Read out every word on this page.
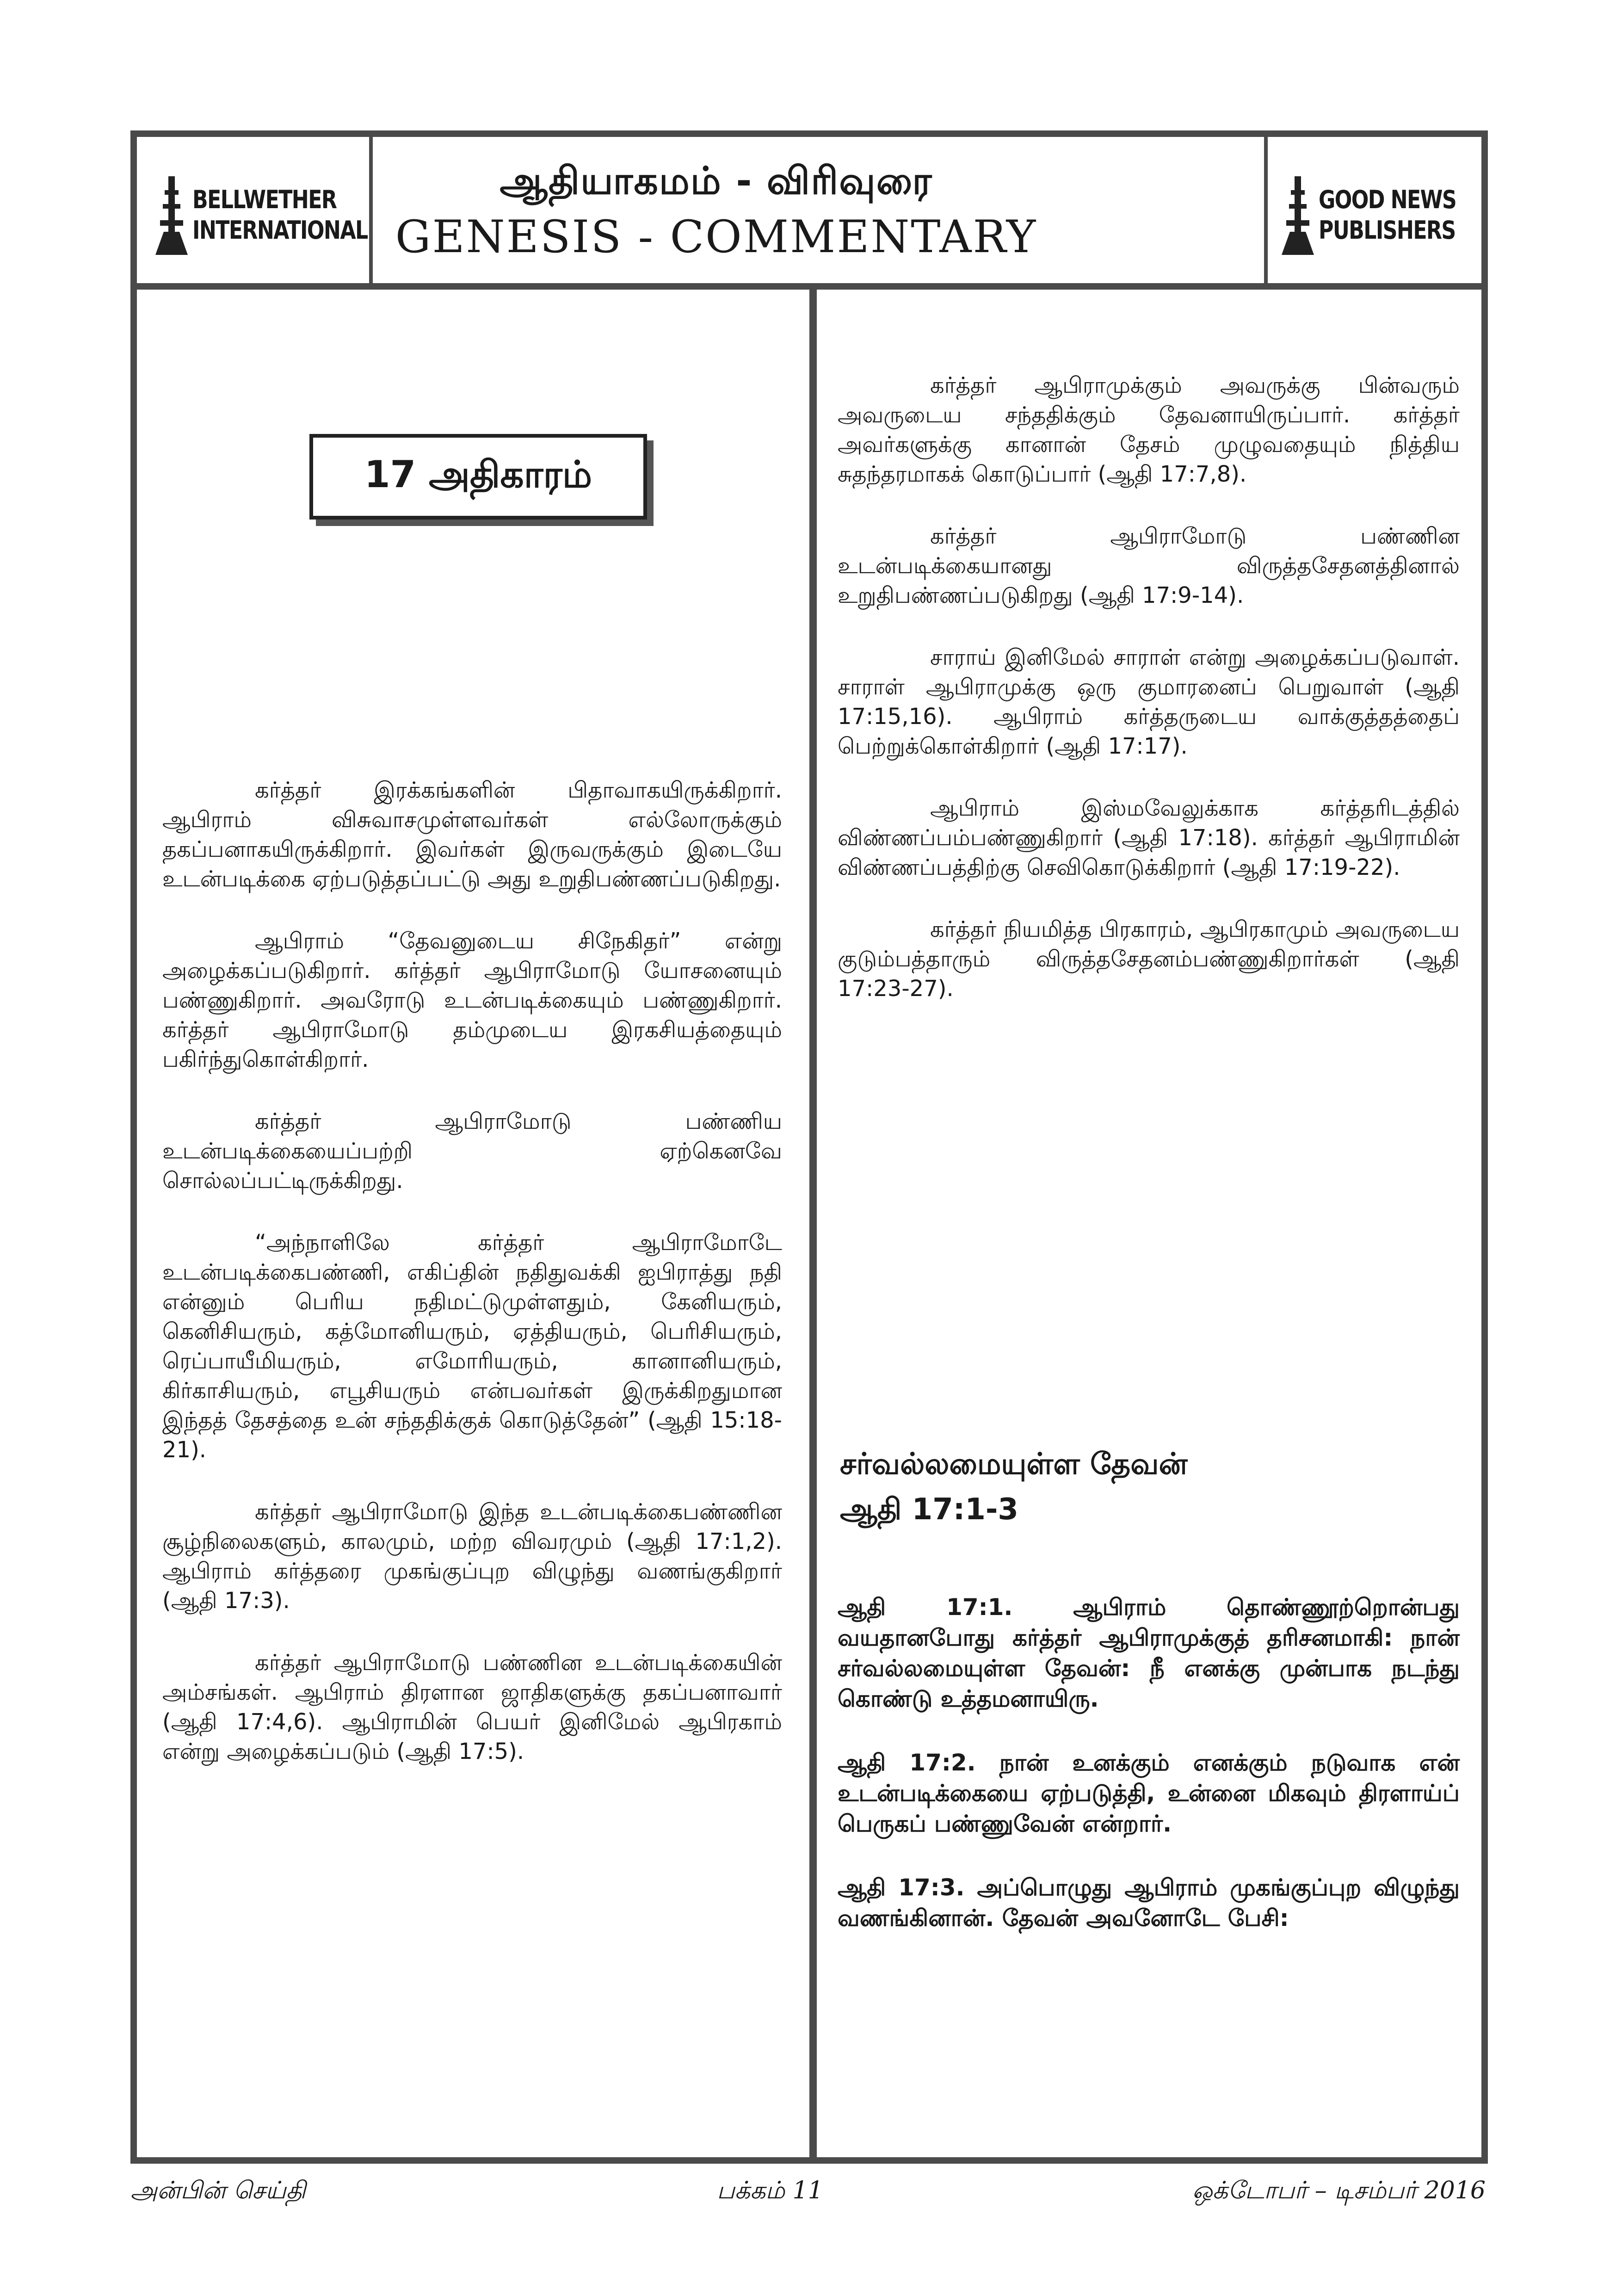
BELLWETHER
INTERNATIONAL
ஆதியாகமம் - விரிவுரை
GENESIS - COMMENTARY
GOOD NEWS
PUBLISHERS
17 அதிகாரம்

கர்த்தர் இரக்கங்களின் பிதாவாகயிருக்கிறார். ஆபிராம் விசுவாசமுள்ளவர்கள் எல்லோருக்கும் தகப்பனாகயிருக்கிறார். இவர்கள் இருவருக்கும் இடையே உடன்படிக்கை ஏற்படுத்தப்பட்டு அது உறுதிபண்ணப்படுகிறது.

ஆபிராம் “தேவனுடைய சிநேகிதர்” என்று அழைக்கப்படுகிறார். கர்த்தர் ஆபிராமோடு யோசனையும் பண்ணுகிறார். அவரோடு உடன்படிக்கையும் பண்ணுகிறார். கர்த்தர் ஆபிராமோடு தம்முடைய இரகசியத்தையும் பகிர்ந்துகொள்கிறார்.

கர்த்தர் ஆபிராமோடு பண்ணிய உடன்படிக்கையைப்பற்றி ஏற்கெனவே சொல்லப்பட்டிருக்கிறது.

“அந்நாளிலே கர்த்தர் ஆபிராமோடே உடன்படிக்கைபண்ணி, எகிப்தின் நதிதுவக்கி ஐபிராத்து நதி என்னும் பெரிய நதிமட்டுமுள்ளதும், கேனியரும், கெனிசியரும், கத்மோனியரும், ஏத்தியரும், பெரிசியரும், ரெப்பாயீமியரும், எமோரியரும், கானானியரும், கிர்காசியரும், எபூசியரும் என்பவர்கள் இருக்கிறதுமான இந்தத் தேசத்தை உன் சந்ததிக்குக் கொடுத்தேன்” (ஆதி 15:18-21).

கர்த்தர் ஆபிராமோடு இந்த உடன்படிக்கைபண்ணின சூழ்நிலைகளும், காலமும், மற்ற விவரமும் (ஆதி 17:1,2). ஆபிராம் கர்த்தரை முகங்குப்புற விழுந்து வணங்குகிறார் (ஆதி 17:3).

கர்த்தர் ஆபிராமோடு பண்ணின உடன்படிக்கையின் அம்சங்கள். ஆபிராம் திரளான ஜாதிகளுக்கு தகப்பனாவார் (ஆதி 17:4,6). ஆபிராமின் பெயர் இனிமேல் ஆபிரகாம் என்று அழைக்கப்படும் (ஆதி 17:5).

கர்த்தர் ஆபிராமுக்கும் அவருக்கு பின்வரும் அவருடைய சந்ததிக்கும் தேவனாயிருப்பார். கர்த்தர் அவர்களுக்கு கானான் தேசம் முழுவதையும் நித்திய சுதந்தரமாகக் கொடுப்பார் (ஆதி 17:7,8).

கர்த்தர் ஆபிராமோடு பண்ணின உடன்படிக்கையானது விருத்தசேதனத்தினால் உறுதிபண்ணப்படுகிறது (ஆதி 17:9-14).

சாராய் இனிமேல் சாராள் என்று அழைக்கப்படுவாள். சாராள் ஆபிராமுக்கு ஒரு குமாரனைப் பெறுவாள் (ஆதி 17:15,16). ஆபிராம் கர்த்தருடைய வாக்குத்தத்தைப் பெற்றுக்கொள்கிறார் (ஆதி 17:17).

ஆபிராம் இஸ்மவேலுக்காக கர்த்தரிடத்தில் விண்ணப்பம்பண்ணுகிறார் (ஆதி 17:18). கர்த்தர் ஆபிராமின் விண்ணப்பத்திற்கு செவிகொடுக்கிறார் (ஆதி 17:19-22).

கர்த்தர் நியமித்த பிரகாரம், ஆபிரகாமும் அவருடைய குடும்பத்தாரும் விருத்தசேதனம்பண்ணுகிறார்கள் (ஆதி 17:23-27).

சர்வல்லமையுள்ள தேவன்
ஆதி 17:1-3

ஆதி 17:1. ஆபிராம் தொண்ணூற்றொன்பது வயதானபோது கர்த்தர் ஆபிராமுக்குத் தரிசனமாகி: நான் சர்வல்லமையுள்ள தேவன்: நீ எனக்கு முன்பாக நடந்து கொண்டு உத்தமனாயிரு.

ஆதி 17:2. நான் உனக்கும் எனக்கும் நடுவாக என் உடன்படிக்கையை ஏற்படுத்தி, உன்னை மிகவும் திரளாய்ப் பெருகப் பண்ணுவேன் என்றார்.

ஆதி 17:3. அப்பொழுது ஆபிராம் முகங்குப்புற விழுந்து வணங்கினான். தேவன் அவனோடே பேசி:

அன்பின் செய்தி	பக்கம் 11	ஒக்டோபர் – டிசம்பர் 2016
